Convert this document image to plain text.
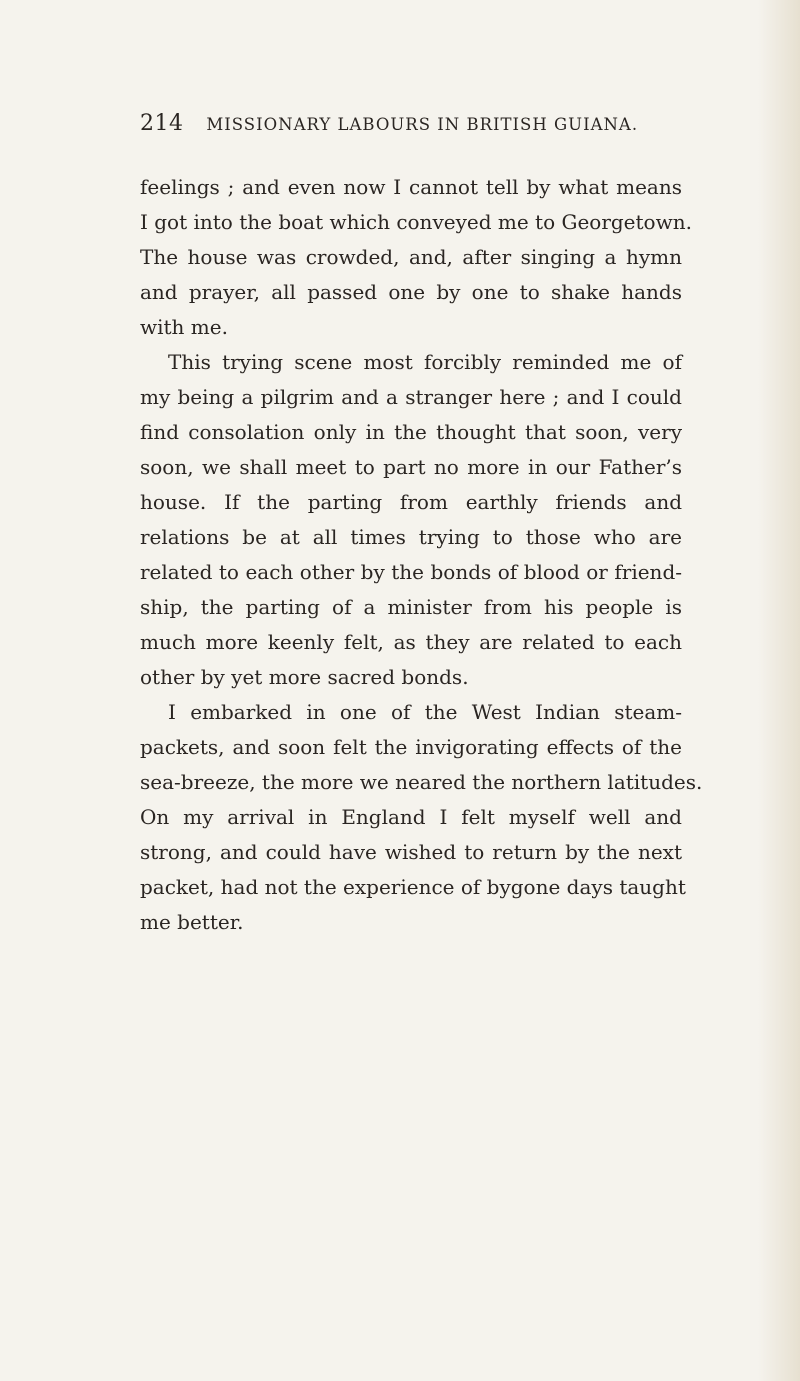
214 MISSIONARY LABOURS IN BRITISH GUIANA.
feelings ; and even now I cannot tell by what means
I got into the boat which conveyed me to Georgetown.
The house was crowded, and, after singing a hymn
and prayer, all passed one by one to shake hands
with me.
This trying scene most forcibly reminded me of
my being a pilgrim and a stranger here ; and I could
find consolation only in the thought that soon, very
soon, we shall meet to part no more in our Father’s
house. If the parting from earthly friends and
relations be at all times trying to those who are
related to each other by the bonds of blood or friend-
ship, the parting of a minister from his people is
much more keenly felt, as they are related to each
other by yet more sacred bonds.
I embarked in one of the West Indian steam-
packets, and soon felt the invigorating effects of the
sea-breeze, the more we neared the northern latitudes.
On my arrival in England I felt myself well and
strong, and could have wished to return by the next
packet, had not the experience of bygone days taught
me better.
